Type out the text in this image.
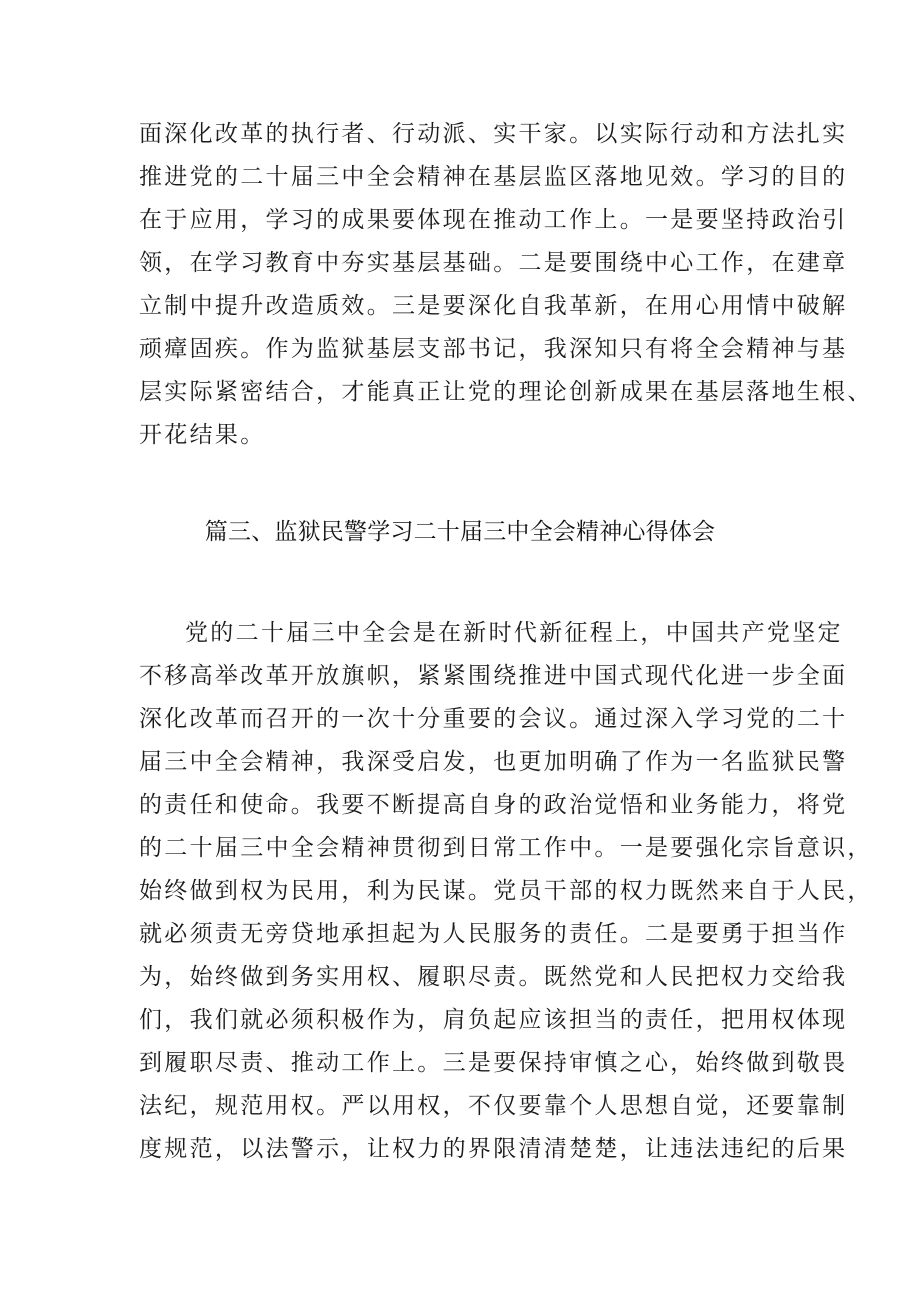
面深化改革的执行者、行动派、实干家。以实际行动和方法扎实
推进党的二十届三中全会精神在基层监区落地见效。学习的目的
在于应用，学习的成果要体现在推动工作上。一是要坚持政治引
领，在学习教育中夯实基层基础。二是要围绕中心工作，在建章
立制中提升改造质效。三是要深化自我革新，在用心用情中破解
顽瘴固疾。作为监狱基层支部书记，我深知只有将全会精神与基
层实际紧密结合，才能真正让党的理论创新成果在基层落地生根、
开花结果。
篇三、监狱民警学习二十届三中全会精神心得体会
党的二十届三中全会是在新时代新征程上，中国共产党坚定
不移高举改革开放旗帜，紧紧围绕推进中国式现代化进一步全面
深化改革而召开的一次十分重要的会议。通过深入学习党的二十
届三中全会精神，我深受启发，也更加明确了作为一名监狱民警
的责任和使命。我要不断提高自身的政治觉悟和业务能力，将党
的二十届三中全会精神贯彻到日常工作中。一是要强化宗旨意识，
始终做到权为民用，利为民谋。党员干部的权力既然来自于人民，
就必须责无旁贷地承担起为人民服务的责任。二是要勇于担当作
为，始终做到务实用权、履职尽责。既然党和人民把权力交给我
们，我们就必须积极作为，肩负起应该担当的责任，把用权体现
到履职尽责、推动工作上。三是要保持审慎之心，始终做到敬畏
法纪，规范用权。严以用权，不仅要靠个人思想自觉，还要靠制
度规范，以法警示，让权力的界限清清楚楚，让违法违纪的后果
